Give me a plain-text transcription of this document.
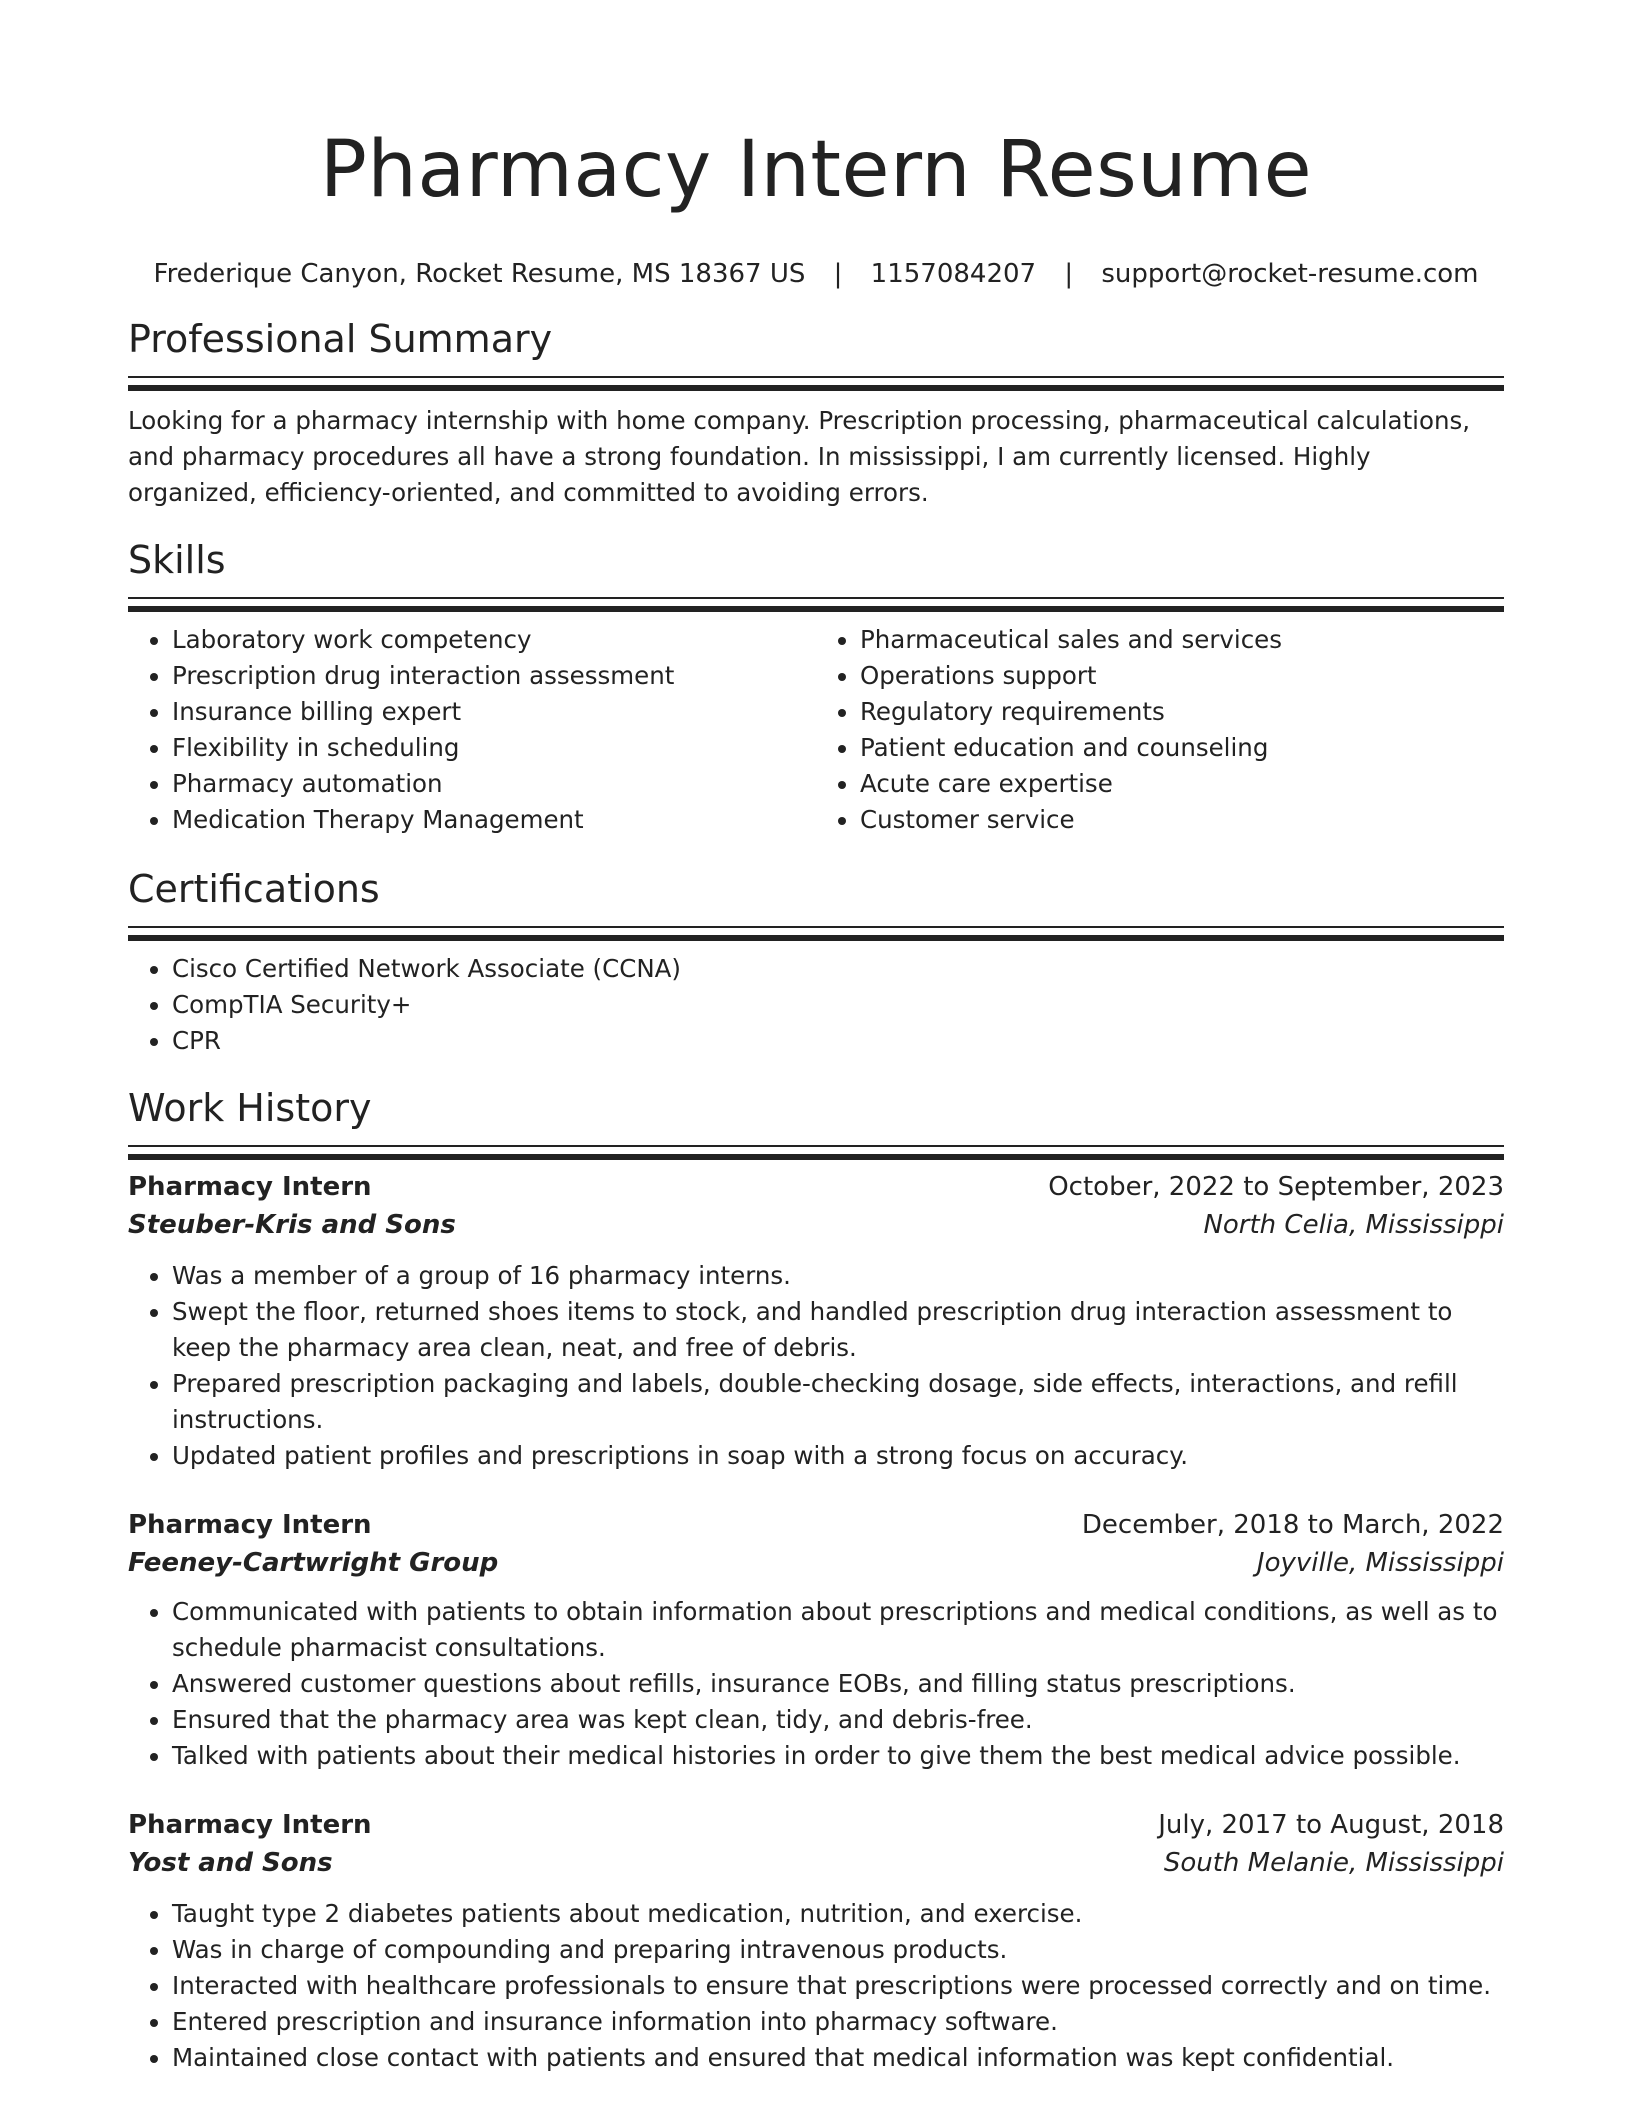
Pharmacy Intern Resume
Frederique Canyon, Rocket Resume, MS 18367 US | 1157084207 | support@rocket-resume.com
Professional Summary

Looking for a pharmacy internship with home company. Prescription processing, pharmaceutical calculations, and pharmacy procedures all have a strong foundation. In mississippi, I am currently licensed. Highly organized, efficiency-oriented, and committed to avoiding errors.

Skills
• Laboratory work competency
• Prescription drug interaction assessment
• Insurance billing expert
• Flexibility in scheduling
• Pharmacy automation
• Medication Therapy Management
• Pharmaceutical sales and services
• Operations support
• Regulatory requirements
• Patient education and counseling
• Acute care expertise
• Customer service
Certifications
• Cisco Certified Network Associate (CCNA)
• CompTIA Security+
• CPR
Work History
Pharmacy Intern	October, 2022 to September, 2023
Steuber-Kris and Sons	North Celia, Mississippi
• Was a member of a group of 16 pharmacy interns.
• Swept the floor, returned shoes items to stock, and handled prescription drug interaction assessment to keep the pharmacy area clean, neat, and free of debris.
• Prepared prescription packaging and labels, double-checking dosage, side effects, interactions, and refill instructions.
• Updated patient profiles and prescriptions in soap with a strong focus on accuracy.
Pharmacy Intern	December, 2018 to March, 2022
Feeney-Cartwright Group	Joyville, Mississippi
• Communicated with patients to obtain information about prescriptions and medical conditions, as well as to schedule pharmacist consultations.
• Answered customer questions about refills, insurance EOBs, and filling status prescriptions.
• Ensured that the pharmacy area was kept clean, tidy, and debris-free.
• Talked with patients about their medical histories in order to give them the best medical advice possible.
Pharmacy Intern	July, 2017 to August, 2018
Yost and Sons	South Melanie, Mississippi
• Taught type 2 diabetes patients about medication, nutrition, and exercise.
• Was in charge of compounding and preparing intravenous products.
• Interacted with healthcare professionals to ensure that prescriptions were processed correctly and on time.
• Entered prescription and insurance information into pharmacy software.
• Maintained close contact with patients and ensured that medical information was kept confidential.
